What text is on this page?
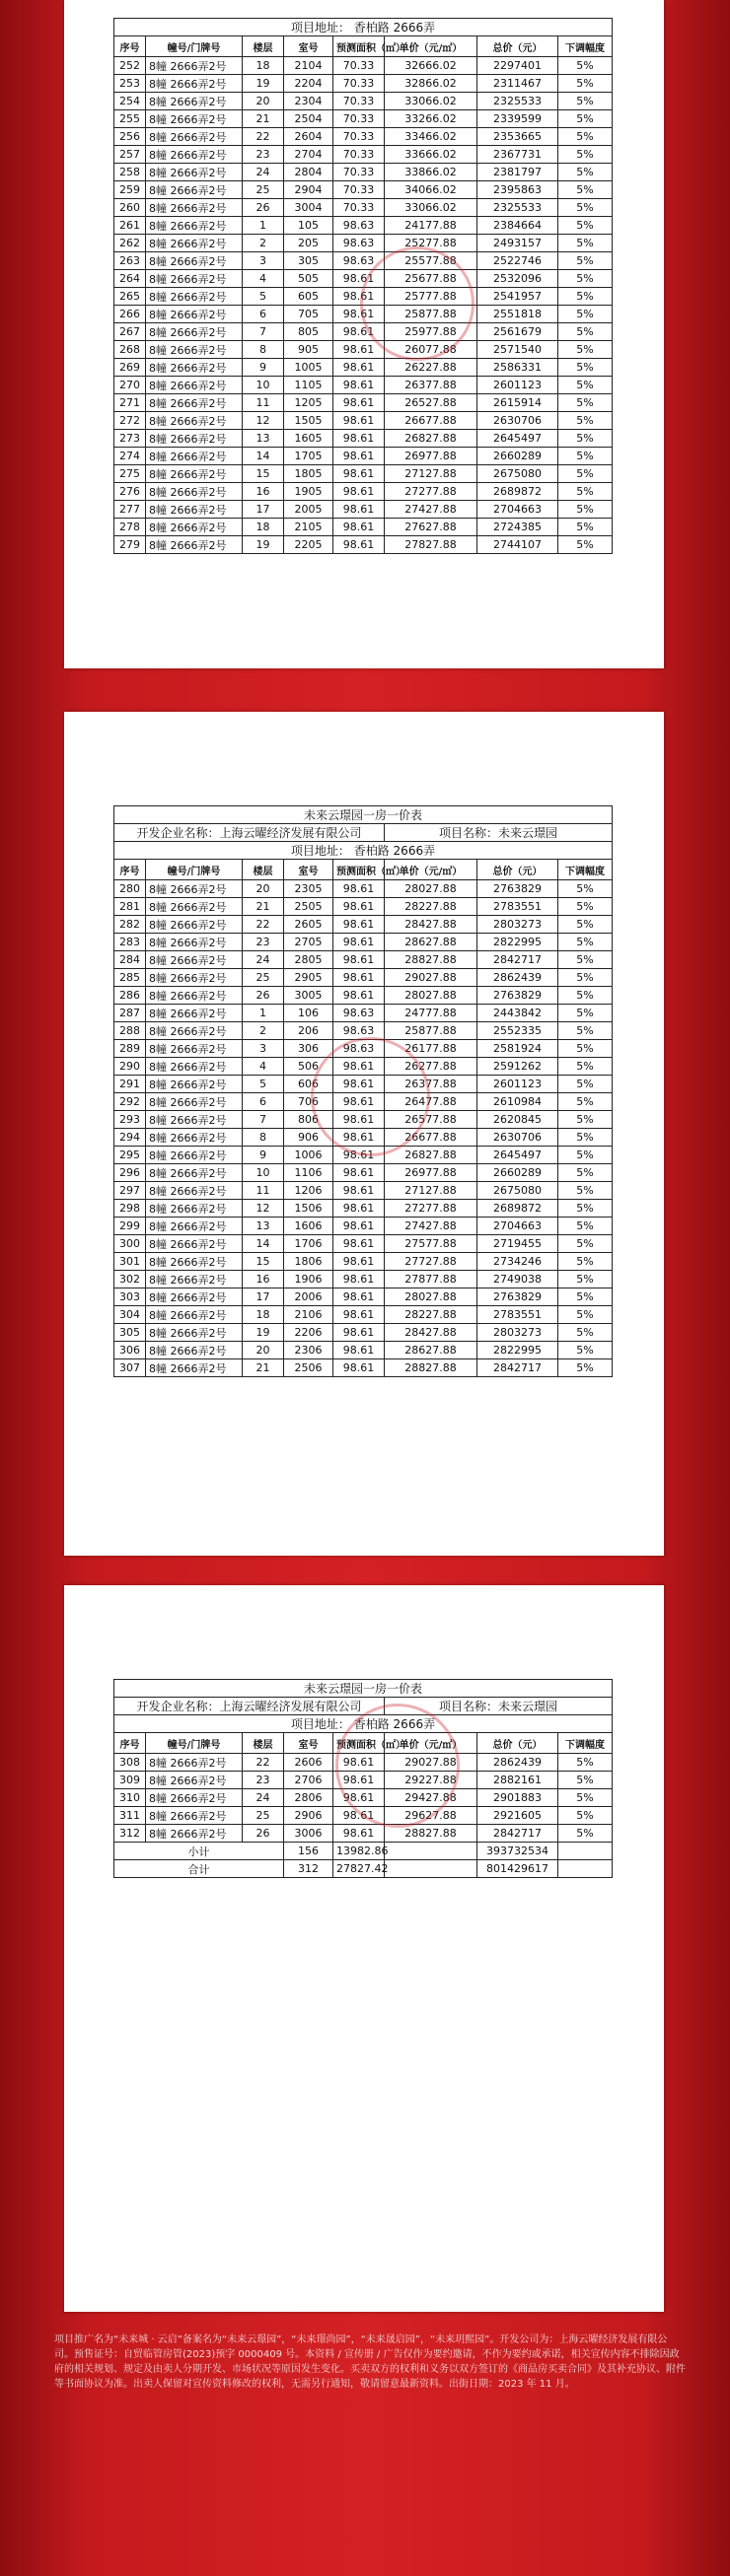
项目地址： 香柏路 2666弄							
序号	幢号/门牌号	楼层	室号	预测面积（㎡）	单价（元/㎡）	总价（元）	下调幅度
252	8幢 2666弄2号	18	2104	70.33	32666.02	2297401	5%
253	8幢 2666弄2号	19	2204	70.33	32866.02	2311467	5%
254	8幢 2666弄2号	20	2304	70.33	33066.02	2325533	5%
255	8幢 2666弄2号	21	2504	70.33	33266.02	2339599	5%
256	8幢 2666弄2号	22	2604	70.33	33466.02	2353665	5%
257	8幢 2666弄2号	23	2704	70.33	33666.02	2367731	5%
258	8幢 2666弄2号	24	2804	70.33	33866.02	2381797	5%
259	8幢 2666弄2号	25	2904	70.33	34066.02	2395863	5%
260	8幢 2666弄2号	26	3004	70.33	33066.02	2325533	5%
261	8幢 2666弄2号	1	105	98.63	24177.88	2384664	5%
262	8幢 2666弄2号	2	205	98.63	25277.88	2493157	5%
263	8幢 2666弄2号	3	305	98.63	25577.88	2522746	5%
264	8幢 2666弄2号	4	505	98.61	25677.88	2532096	5%
265	8幢 2666弄2号	5	605	98.61	25777.88	2541957	5%
266	8幢 2666弄2号	6	705	98.61	25877.88	2551818	5%
267	8幢 2666弄2号	7	805	98.61	25977.88	2561679	5%
268	8幢 2666弄2号	8	905	98.61	26077.88	2571540	5%
269	8幢 2666弄2号	9	1005	98.61	26227.88	2586331	5%
270	8幢 2666弄2号	10	1105	98.61	26377.88	2601123	5%
271	8幢 2666弄2号	11	1205	98.61	26527.88	2615914	5%
272	8幢 2666弄2号	12	1505	98.61	26677.88	2630706	5%
273	8幢 2666弄2号	13	1605	98.61	26827.88	2645497	5%
274	8幢 2666弄2号	14	1705	98.61	26977.88	2660289	5%
275	8幢 2666弄2号	15	1805	98.61	27127.88	2675080	5%
276	8幢 2666弄2号	16	1905	98.61	27277.88	2689872	5%
277	8幢 2666弄2号	17	2005	98.61	27427.88	2704663	5%
278	8幢 2666弄2号	18	2105	98.61	27627.88	2724385	5%
279	8幢 2666弄2号	19	2205	98.61	27827.88	2744107	5%
未来云璟园一房一价表							
开发企业名称：上海云曜经济发展有限公司					项目名称：未来云璟园		
项目地址： 香柏路 2666弄							
序号	幢号/门牌号	楼层	室号	预测面积（㎡）	单价（元/㎡）	总价（元）	下调幅度
280	8幢 2666弄2号	20	2305	98.61	28027.88	2763829	5%
281	8幢 2666弄2号	21	2505	98.61	28227.88	2783551	5%
282	8幢 2666弄2号	22	2605	98.61	28427.88	2803273	5%
283	8幢 2666弄2号	23	2705	98.61	28627.88	2822995	5%
284	8幢 2666弄2号	24	2805	98.61	28827.88	2842717	5%
285	8幢 2666弄2号	25	2905	98.61	29027.88	2862439	5%
286	8幢 2666弄2号	26	3005	98.61	28027.88	2763829	5%
287	8幢 2666弄2号	1	106	98.63	24777.88	2443842	5%
288	8幢 2666弄2号	2	206	98.63	25877.88	2552335	5%
289	8幢 2666弄2号	3	306	98.63	26177.88	2581924	5%
290	8幢 2666弄2号	4	506	98.61	26277.88	2591262	5%
291	8幢 2666弄2号	5	606	98.61	26377.88	2601123	5%
292	8幢 2666弄2号	6	706	98.61	26477.88	2610984	5%
293	8幢 2666弄2号	7	806	98.61	26577.88	2620845	5%
294	8幢 2666弄2号	8	906	98.61	26677.88	2630706	5%
295	8幢 2666弄2号	9	1006	98.61	26827.88	2645497	5%
296	8幢 2666弄2号	10	1106	98.61	26977.88	2660289	5%
297	8幢 2666弄2号	11	1206	98.61	27127.88	2675080	5%
298	8幢 2666弄2号	12	1506	98.61	27277.88	2689872	5%
299	8幢 2666弄2号	13	1606	98.61	27427.88	2704663	5%
300	8幢 2666弄2号	14	1706	98.61	27577.88	2719455	5%
301	8幢 2666弄2号	15	1806	98.61	27727.88	2734246	5%
302	8幢 2666弄2号	16	1906	98.61	27877.88	2749038	5%
303	8幢 2666弄2号	17	2006	98.61	28027.88	2763829	5%
304	8幢 2666弄2号	18	2106	98.61	28227.88	2783551	5%
305	8幢 2666弄2号	19	2206	98.61	28427.88	2803273	5%
306	8幢 2666弄2号	20	2306	98.61	28627.88	2822995	5%
307	8幢 2666弄2号	21	2506	98.61	28827.88	2842717	5%
未来云璟园一房一价表							
开发企业名称：上海云曜经济发展有限公司					项目名称：未来云璟园		
项目地址： 香柏路 2666弄							
序号	幢号/门牌号	楼层	室号	预测面积（㎡）	单价（元/㎡）	总价（元）	下调幅度
308	8幢 2666弄2号	22	2606	98.61	29027.88	2862439	5%
309	8幢 2666弄2号	23	2706	98.61	29227.88	2882161	5%
310	8幢 2666弄2号	24	2806	98.61	29427.88	2901883	5%
311	8幢 2666弄2号	25	2906	98.61	29627.88	2921605	5%
312	8幢 2666弄2号	26	3006	98.61	28827.88	2842717	5%
小计			156	13982.86		393732534	
合计			312	27827.42		801429617	
项目推广名为“未来城 · 云启”备案名为“未来云璟园”，“未来璟尚园”，“未来晟启园”，“未来玥熙园”。开发公司为：上海云曜经济发展有限公司。预售证号：自贸临管房管(2023)预字 0000409 号。本资料 / 宣传册 / 广告仅作为要约邀请，不作为要约或承诺，相关宣传内容不排除因政府的相关规划、规定及由卖人分期开发、市场状况等原因发生变化。买卖双方的权利和义务以双方签订的《商品房买卖合同》及其补充协议、附件等书面协议为准。出卖人保留对宣传资料修改的权利，无需另行通知，敬请留意最新资料。出街日期：2023 年 11 月。
